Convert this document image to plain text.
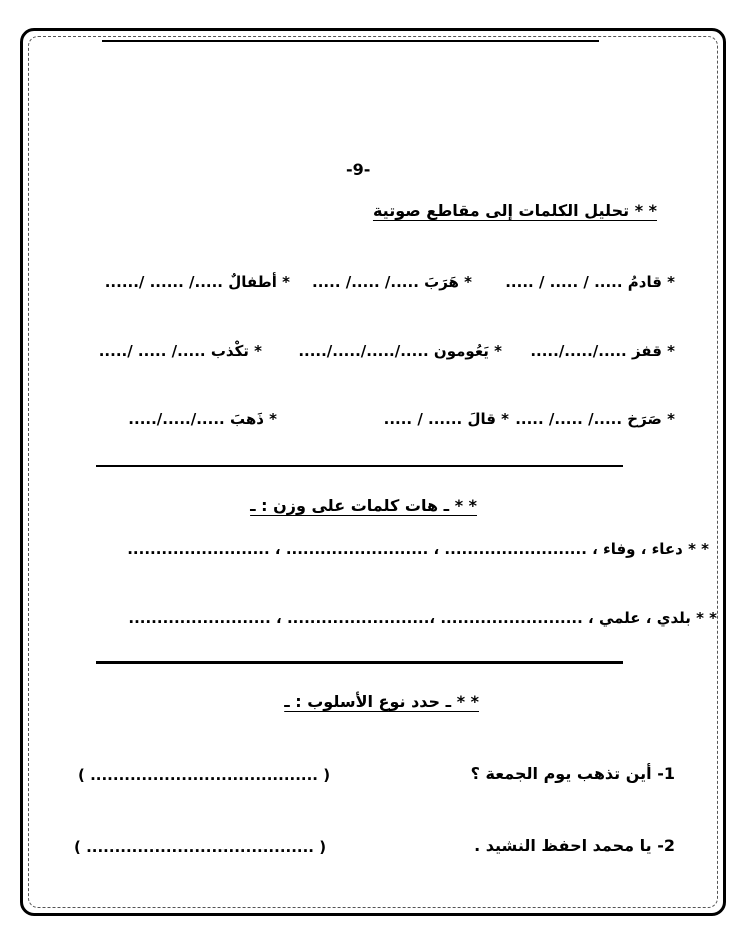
-9-
* * تحليل الكلمات إلى مقاطع صوتية
* قادمُ ..... / ..... / .....
* هَرَبَ ...../ ...../ .....
* أطفالٌ ...../ ...... /......
* قفز ...../...../.....
* يَعُومون ...../...../...../.....
* تكْذب ...../ ..... /.....
* صَرَخ ...../ ...../ .....
* قالَ ...... / .....
* ذَهبَ ...../...../.....
* * ـ هات كلمات على وزن : ـ
* * دعاء ، وفاء ، ......................... ، ......................... ، .........................
* * بلدي ، علمي ، ......................... ،......................... ، .........................
* * ـ حدد نوع الأسلوب : ـ
1- أين تذهب يوم الجمعة ؟
( ........................................ )
2- يا محمد احفظ النشيد .
( ........................................ )
